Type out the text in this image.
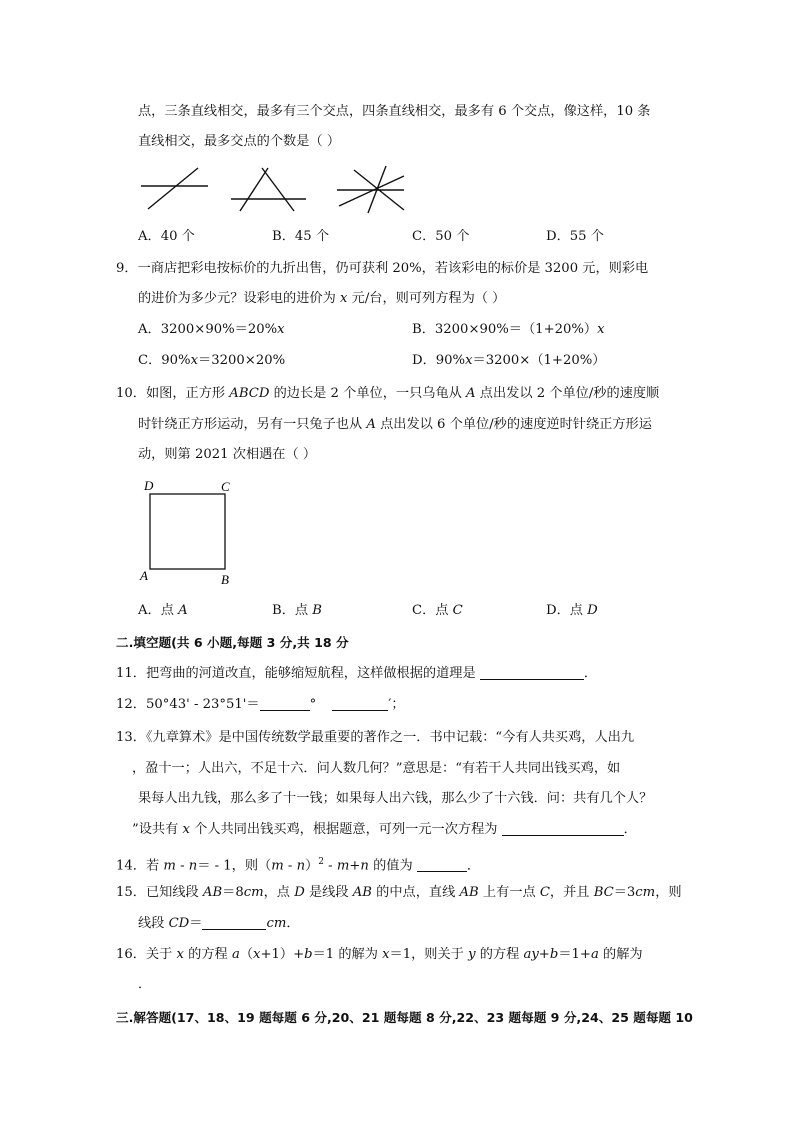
点，三条直线相交，最多有三个交点，四条直线相交，最多有 6 个交点，像这样，10 条
直线相交，最多交点的个数是（ ）
A．40 个	B．45 个	C．50 个	D．55 个
9．一商店把彩电按标价的九折出售，仍可获利 20%，若该彩电的标价是 3200 元，则彩电
的进价为多少元？设彩电的进价为 x 元/台，则可列方程为（ ）
A．3200×90%＝20%x	B．3200×90%＝（1+20%）x
C．90%x＝3200×20%	D．90%x＝3200×（1+20%）
10．如图，正方形 ABCD 的边长是 2 个单位，一只乌龟从 A 点出发以 2 个单位/秒的速度顺
时针绕正方形运动，另有一只兔子也从 A 点出发以 6 个单位/秒的速度逆时针绕正方形运
动，则第 2021 次相遇在（ ）
D	C
A	B
A．点 A	B．点 B	C．点 C	D．点 D
二.填空题(共 6 小题,每题 3 分,共 18 分
11．把弯曲的河道改直，能够缩短航程，这样做根据的道理是	．
12．50°43' - 23°51'＝	°	′；
13．《九章算术》是中国传统数学最重要的著作之一．书中记载：“今有人共买鸡，人出九
，盈十一；人出六，不足十六．问人数几何？”意思是：“有若干人共同出钱买鸡，如
果每人出九钱，那么多了十一钱；如果每人出六钱，那么少了十六钱．问：共有几个人？
”设共有 x 个人共同出钱买鸡，根据题意，可列一元一次方程为	．
14．若 m - n＝ - 1，则（m - n）$^2$ - m+n 的值为	．
15．已知线段 AB＝8cm，点 D 是线段 AB 的中点，直线 AB 上有一点 C，并且 BC＝3cm，则
线段 CD＝	cm．
16．关于 x 的方程 a（x+1）+b＝1 的解为 x＝1，则关于 y 的方程 ay+b＝1+a 的解为
．
三.解答题(17、18、19 题每题 6 分,20、21 题每题 8 分,22、23 题每题 9 分,24、25 题每题 10
